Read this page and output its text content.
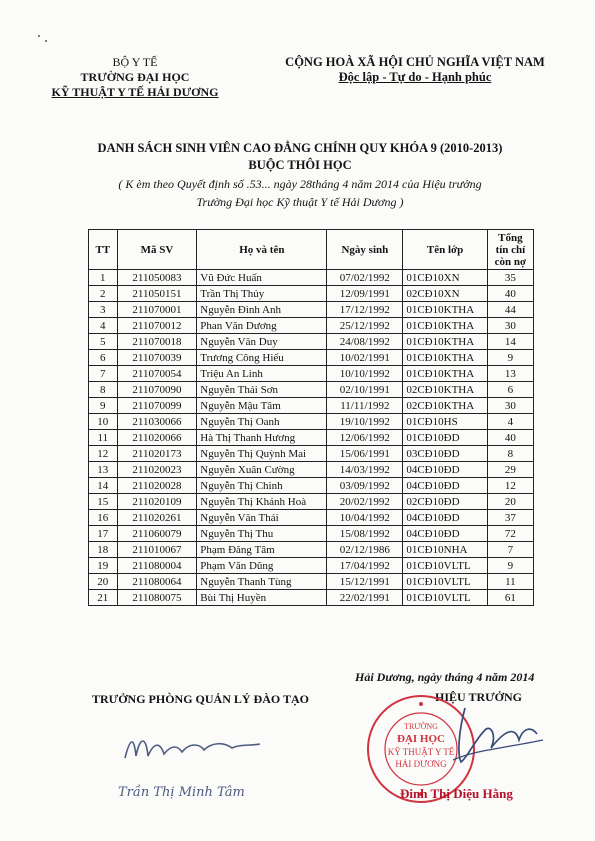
BỘ Y TẾ
TRƯỜNG ĐẠI HỌC
KỸ THUẬT Y TẾ HẢI DƯƠNG
CỘNG HOÀ XÃ HỘI CHỦ NGHĨA VIỆT NAM
Độc lập - Tự do - Hạnh phúc
DANH SÁCH SINH VIÊN CAO ĐẲNG CHÍNH QUY KHÓA 9 (2010-2013)
BUỘC THÔI HỌC
( K èm theo Quyết định số .53... ngày 28tháng 4 năm 2014 của Hiệu trưởng
Trường Đại học Kỹ thuật Y tế Hải Dương )
TT	Mã SV	Họ và tên	Ngày sinh	Tên lớp	Tổng tín chỉ còn nợ
1	211050083	Vũ Đức Huấn	07/02/1992	01CĐ10XN	35
2	211050151	Trần Thị Thủy	12/09/1991	02CĐ10XN	40
3	211070001	Nguyễn Đình Anh	17/12/1992	01CĐ10KTHA	44
4	211070012	Phan Văn Dương	25/12/1992	01CĐ10KTHA	30
5	211070018	Nguyễn Văn Duy	24/08/1992	01CĐ10KTHA	14
6	211070039	Trương Công Hiếu	10/02/1991	01CĐ10KTHA	9
7	211070054	Triệu An Linh	10/10/1992	01CĐ10KTHA	13
8	211070090	Nguyễn Thái Sơn	02/10/1991	02CĐ10KTHA	6
9	211070099	Nguyễn Mậu Tâm	11/11/1992	02CĐ10KTHA	30
10	211030066	Nguyễn Thị Oanh	19/10/1992	01CĐ10HS	4
11	211020066	Hà Thị Thanh Hương	12/06/1992	01CĐ10ĐD	40
12	211020173	Nguyễn Thị Quỳnh Mai	15/06/1991	03CĐ10ĐD	8
13	211020023	Nguyễn Xuân Cường	14/03/1992	04CĐ10ĐD	29
14	211020028	Nguyễn Thị Chinh	03/09/1992	04CĐ10ĐD	12
15	211020109	Nguyễn Thị Khánh Hoà	20/02/1992	02CĐ10ĐD	20
16	211020261	Nguyễn Văn Thái	10/04/1992	04CĐ10ĐD	37
17	211060079	Nguyễn Thị Thu	15/08/1992	04CĐ10ĐD	72
18	211010067	Phạm Đăng Tâm	02/12/1986	01CĐ10NHA	7
19	211080004	Phạm Văn Dũng	17/04/1992	01CĐ10VLTL	9
20	211080064	Nguyễn Thanh Tùng	15/12/1991	01CĐ10VLTL	11
21	211080075	Bùi Thị Huyền	22/02/1991	01CĐ10VLTL	61
Hải Dương, ngày tháng 4 năm 2014
TRƯỞNG PHÒNG QUẢN LÝ ĐÀO TẠO	HIỆU TRƯỞNG
Trần Thị Minh Tâm
TRƯỜNG
ĐẠI HỌC
KỸ THUẬT Y TẾ
HẢI DƯƠNG
Đinh Thị Diệu Hằng
